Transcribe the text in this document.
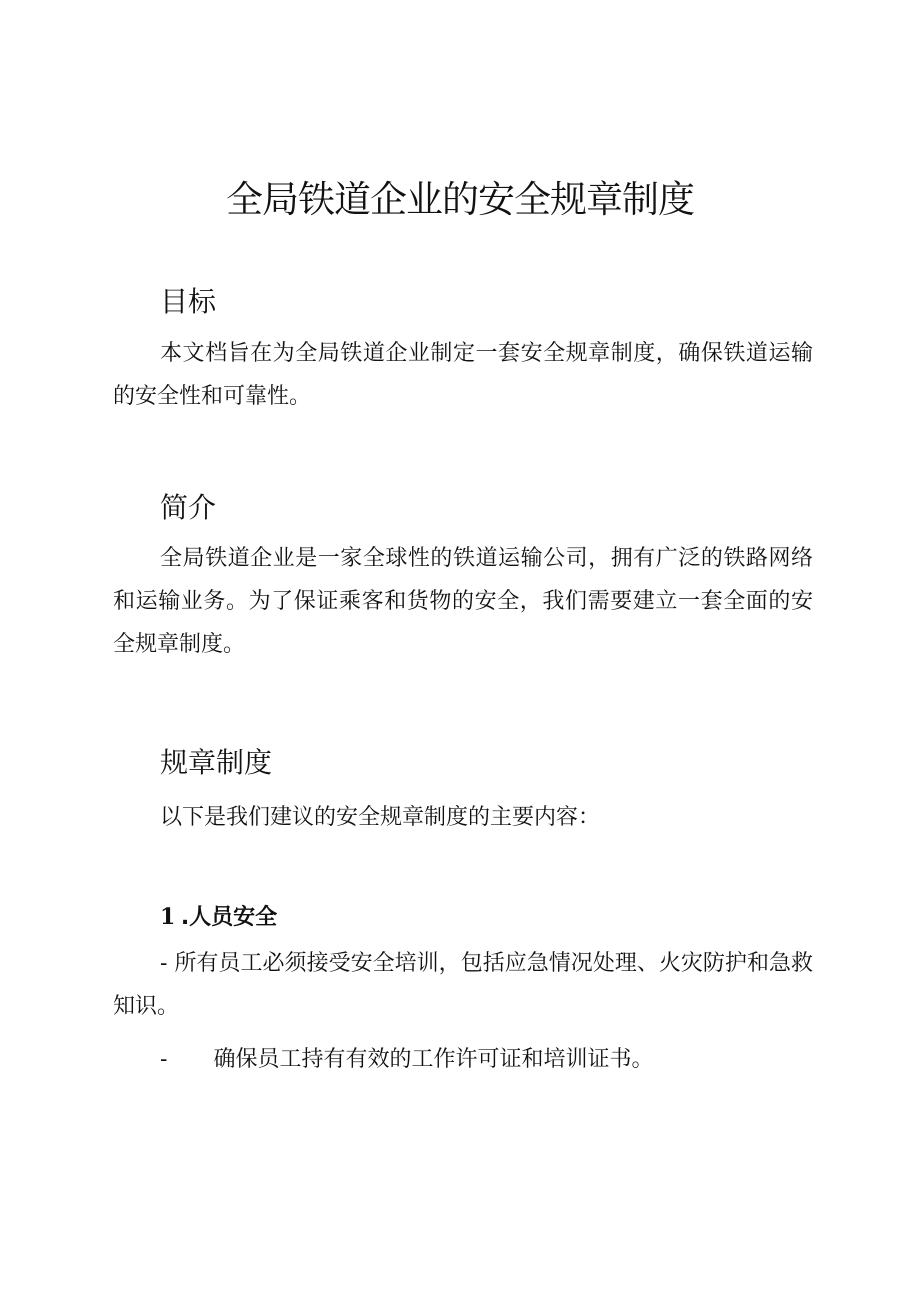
全局铁道企业的安全规章制度
目标

本文档旨在为全局铁道企业制定一套安全规章制度，确保铁道运输的安全性和可靠性。

简介

全局铁道企业是一家全球性的铁道运输公司，拥有广泛的铁路网络和运输业务。为了保证乘客和货物的安全，我们需要建立一套全面的安全规章制度。

规章制度

以下是我们建议的安全规章制度的主要内容：

1 .人员安全

- 所有员工必须接受安全培训，包括应急情况处理、火灾防护和急救知识。

- 确保员工持有有效的工作许可证和培训证书。
